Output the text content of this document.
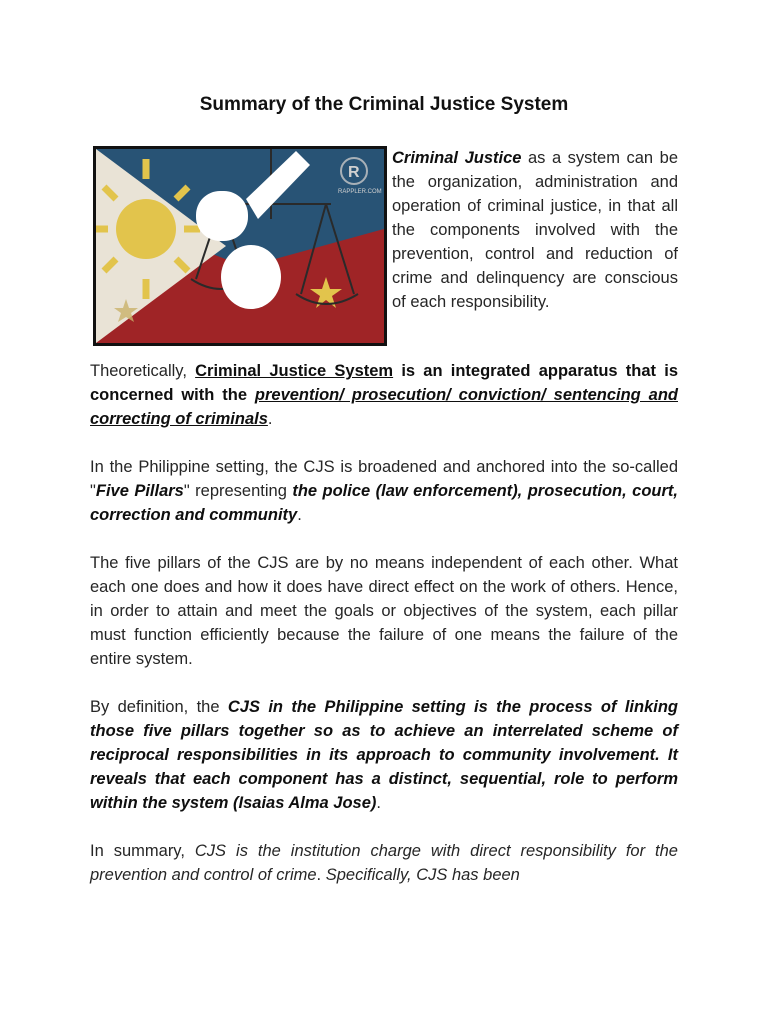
Summary of the Criminal Justice System
R
RAPPLER.COM

Criminal Justice as a system can be the organization, administration and operation of criminal justice, in that all the components involved with the prevention, control and reduction of crime and delinquency are conscious of each responsibility.

Theoretically, Criminal Justice System is an integrated apparatus that is concerned with the prevention/ prosecution/ conviction/ sentencing and correcting of criminals.

In the Philippine setting, the CJS is broadened and anchored into the so-called "Five Pillars" representing the police (law enforcement), prosecution, court, correction and community.

The five pillars of the CJS are by no means independent of each other. What each one does and how it does have direct effect on the work of others. Hence, in order to attain and meet the goals or objectives of the system, each pillar must function efficiently because the failure of one means the failure of the entire system.

By definition, the CJS in the Philippine setting is the process of linking those five pillars together so as to achieve an interrelated scheme of reciprocal responsibilities in its approach to community involvement. It reveals that each component has a distinct, sequential, role to perform within the system (Isaias Alma Jose).

In summary, CJS is the institution charge with direct responsibility for the prevention and control of crime. Specifically, CJS has been
